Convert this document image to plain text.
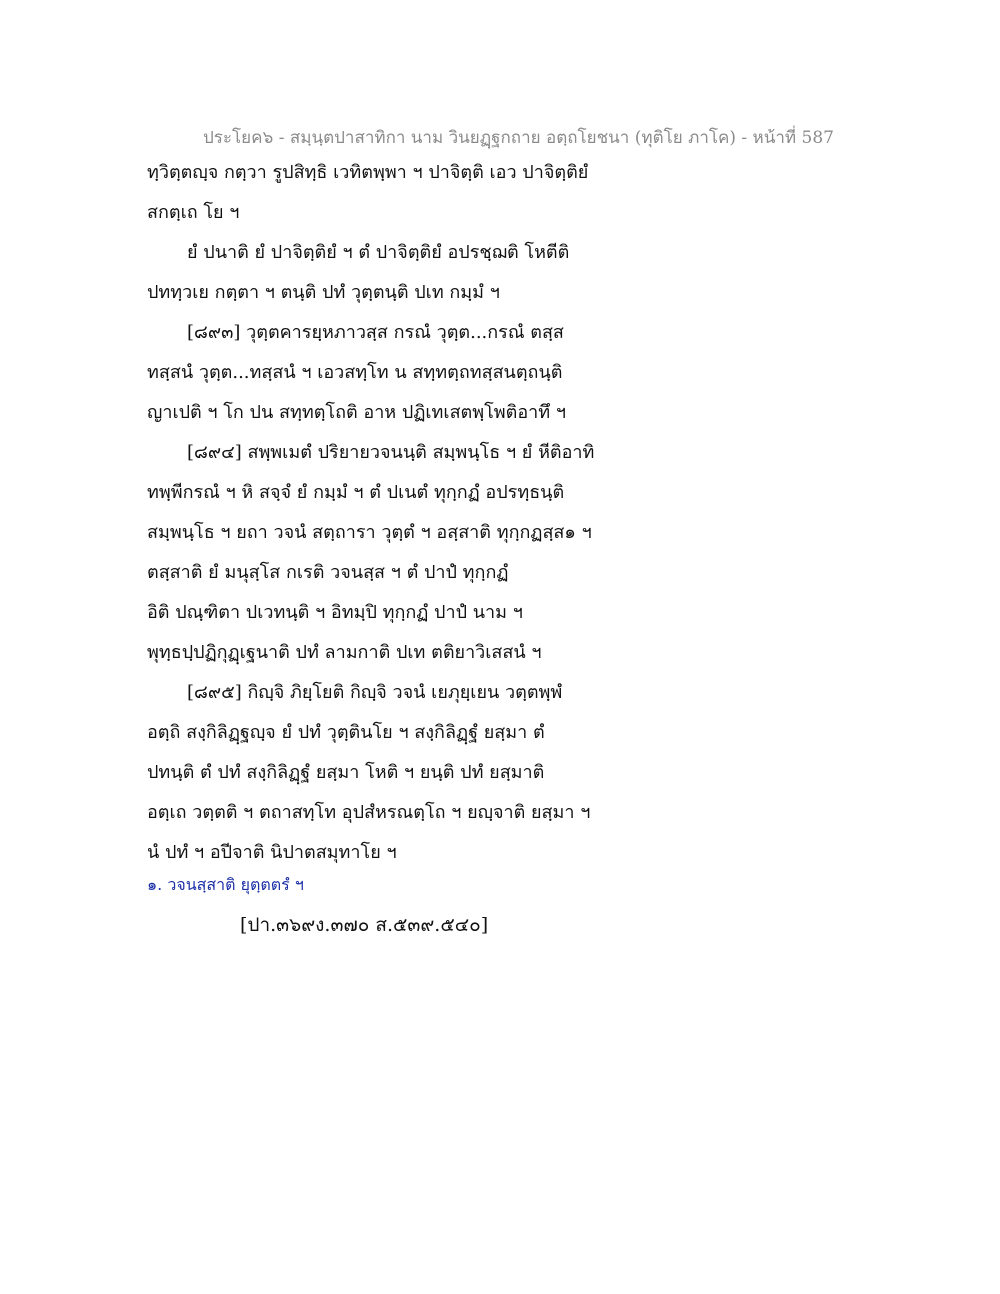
ประโยค๖ - สมฺนฺตปาสาทิกา นาม วินยฏฺฐกถาย อตฺถโยชนา (ทุติโย ภาโค) - หน้าที่ 587
ทฺวิตฺตญฺจ กตฺวา รูปสิทฺธิ เวทิตพฺพา ฯ ปาจิตฺติ เอว ปาจิตฺติยํ
สกตฺเถ โย ฯ
ยํ ปนาติ ยํ ปาจิตฺติยํ ฯ ตํ ปาจิตฺติยํ อปรชฺฌติ โหตีติ
ปททฺวเย กตฺตา ฯ ตนฺติ ปทํ วุตฺตนฺติ ปเท กมฺมํ ฯ
[๘๙๓] วุตฺตคารยฺหภาวสฺส กรณํ วุตฺต...กรณํ ตสฺส
ทสฺสนํ วุตฺต...ทสฺสนํ ฯ เอวสทฺโท น สทฺทตฺถทสฺสนตฺถนฺติ
ญาเปติ ฯ โก ปน สทฺทตฺโถติ อาห ปฏิเทเสตพฺโพติอาทึ ฯ
[๘๙๔] สพฺพเมตํ ปริยายวจนนฺติ สมฺพนฺโธ ฯ ยํ หีติอาทิ
ทพฺพีกรณํ ฯ หิ สจฺจํ ยํ กมฺมํ ฯ ตํ ปเนตํ ทุกฺกฏํ อปรทฺธนฺติ
สมฺพนฺโธ ฯ ยถา วจนํ สตฺถารา วุตฺตํ ฯ อสฺสาติ ทุกฺกฏสฺส๑ ฯ
ตสฺสาติ ยํ มนุสฺโส กเรติ วจนสฺส ฯ ตํ ปาปํ ทุกฺกฏํ
อิติ ปณฺฑิตา ปเวทนฺติ ฯ อิทมฺปิ ทุกฺกฏํ ปาปํ นาม ฯ
พุทฺธปฺปฏิกุฏฺเฐนาติ ปทํ ลามกาติ ปเท ตติยาวิเสสนํ ฯ
[๘๙๕] กิญฺจิ ภิยฺโยติ กิญฺจิ วจนํ เยภุยฺเยน วตฺตพฺพํ
อตฺถิ สงฺกิลิฏฺฐญฺจ ยํ ปทํ วุตฺตินโย ฯ สงฺกิลิฏฺฐํ ยสฺมา ตํ
ปทนฺติ ตํ ปทํ สงฺกิลิฏฺฐํ ยสฺมา โหติ ฯ ยนฺติ ปทํ ยสฺมาติ
อตฺเถ วตฺตติ ฯ ตถาสทฺโท อุปสํหรณตฺโถ ฯ ยญฺจาติ ยสฺมา ฯ
นํ ปทํ ฯ อปีจาติ นิปาตสมุทาโย ฯ
๑. วจนสฺสาติ ยุตฺตตรํ ฯ
[ปา.๓๖๙ง.๓๗๐ ส.๕๓๙.๕๔๐]
